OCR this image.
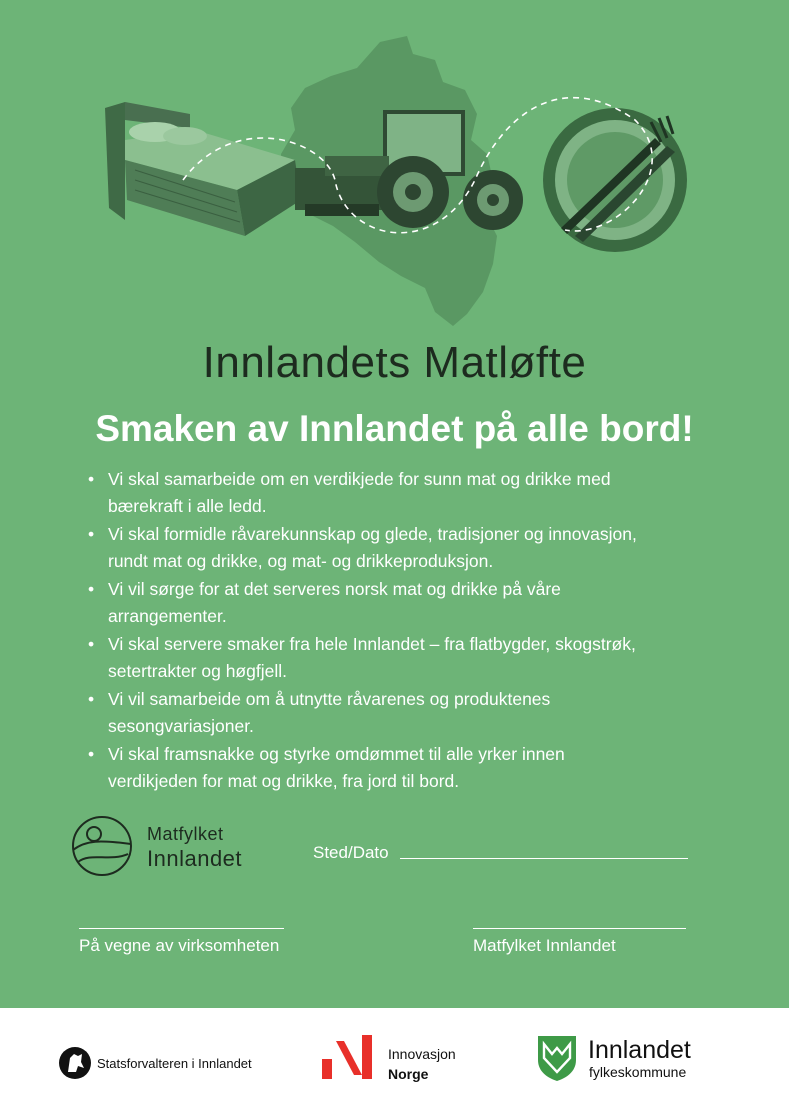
Innlandets Matløfte
Smaken av Innlandet på alle bord!
• Vi skal samarbeide om en verdikjede for sunn mat og drikke med
bærekraft i alle ledd.
• Vi skal formidle råvarekunnskap og glede, tradisjoner og innovasjon,
rundt mat og drikke, og mat- og drikkeproduksjon.
• Vi vil sørge for at det serveres norsk mat og drikke på våre
arrangementer.
• Vi skal servere smaker fra hele Innlandet – fra flatbygder, skogstrøk,
setertrakter og høgfjell.
• Vi vil samarbeide om å utnytte råvarenes og produktenes
sesongvariasjoner.
• Vi skal framsnakke og styrke omdømmet til alle yrker innen
verdikjeden for mat og drikke, fra jord til bord.
Matfylket
Innlandet	Sted/Dato
På vegne av virksomheten	Matfylket Innlandet
Statsforvalteren i Innlandet
Innovasjon
Norge
Innlandet
fylkeskommune
